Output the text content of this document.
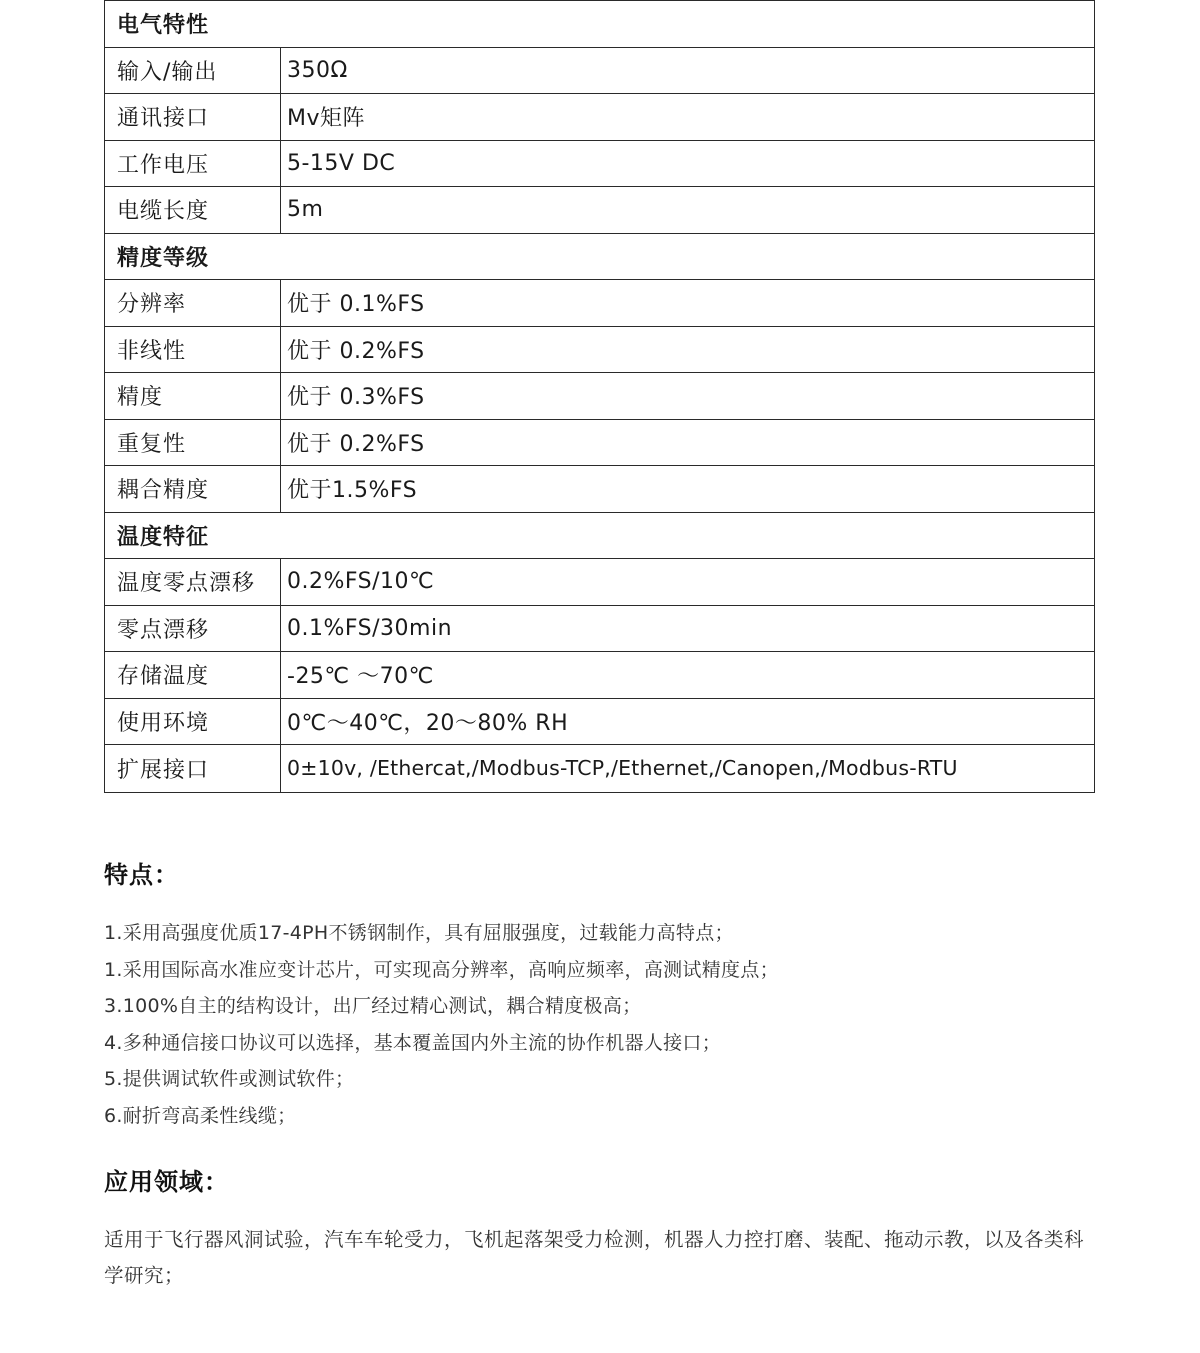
电气特性
输入/输出	350Ω
通讯接口	Mv矩阵
工作电压	5-15V DC
电缆长度	5m
精度等级
分辨率	优于 0.1%FS
非线性	优于 0.2%FS
精度	优于 0.3%FS
重复性	优于 0.2%FS
耦合精度	优于1.5%FS
温度特征
温度零点漂移	0.2%FS/10℃
零点漂移	0.1%FS/30min
存储温度	-25℃ ～70℃
使用环境	0℃～40℃，20～80% RH
扩展接口	0±10v, /Ethercat,/Modbus-TCP,/Ethernet,/Canopen,/Modbus-RTU
特点：
1.采用高强度优质17-4PH不锈钢制作，具有屈服强度，过载能力高特点；
1.采用国际高水准应变计芯片，可实现高分辨率，高响应频率，高测试精度点；
3.100%自主的结构设计，出厂经过精心测试，耦合精度极高；
4.多种通信接口协议可以选择，基本覆盖国内外主流的协作机器人接口；
5.提供调试软件或测试软件；
6.耐折弯高柔性线缆；
应用领域：

适用于飞行器风洞试验，汽车车轮受力，飞机起落架受力检测，机器人力控打磨、装配、拖动示教，以及各类科学研究；
